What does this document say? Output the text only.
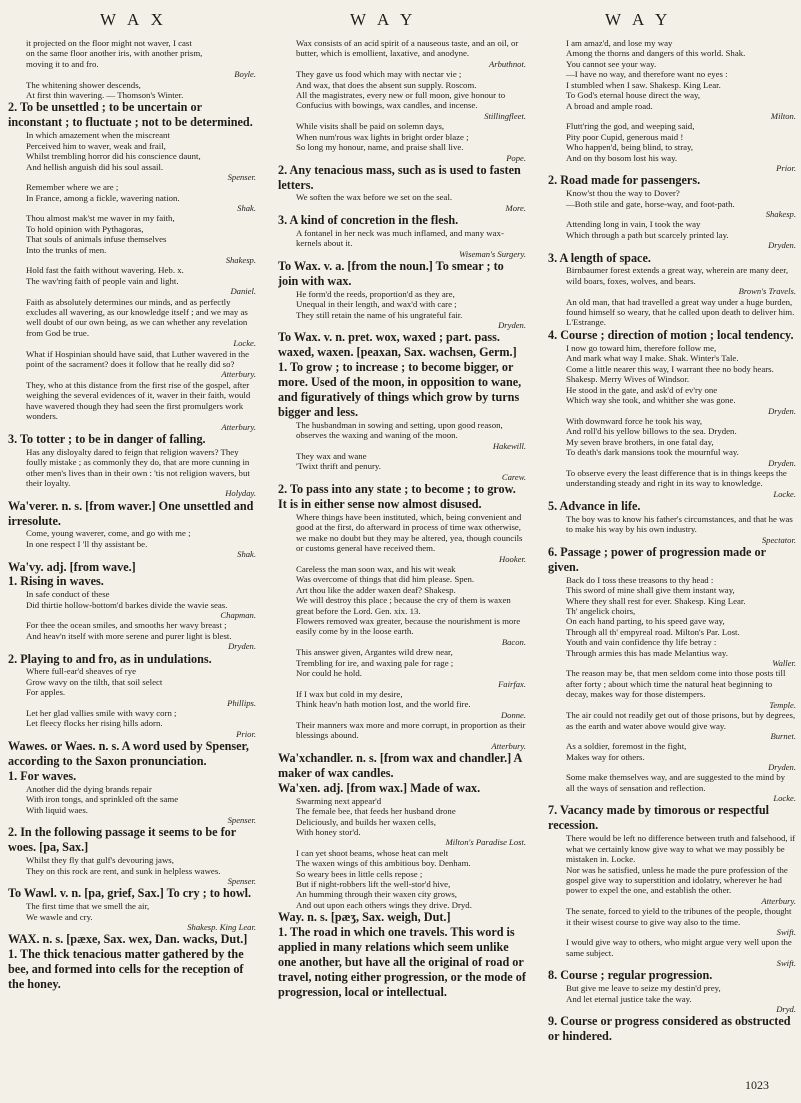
W A X	W A Y	W A Y

it projected on the floor might not waver, I cast

on the same floor another iris, with another prism,

moving it to and fro.

Boyle.

The whitening shower descends,

At first thin wavering. — Thomson's Winter.

2. To be unsettled ; to be uncertain or inconstant ; to fluctuate ; not to be determined.

In which amazement when the miscreant

Perceived him to waver, weak and frail,

Whilst trembling horror did his conscience daunt,

And hellish anguish did his soul assail.

Spenser.

Remember where we are ;

In France, among a fickle, wavering nation.

Shak.

Thou almost mak'st me waver in my faith,

To hold opinion with Pythagoras,

That souls of animals infuse themselves

Into the trunks of men.

Shakesp.

Hold fast the faith without wavering. Heb. x.

The wav'ring faith of people vain and light.

Daniel.

Faith as absolutely determines our minds, and as perfectly excludes all wavering, as our knowledge itself ; and we may as well doubt of our own being, as we can whether any revelation from God be true.

Locke.

What if Hospinian should have said, that Luther wavered in the point of the sacrament? does it follow that he really did so?

Atterbury.

They, who at this distance from the first rise of the gospel, after weighing the several evidences of it, waver in their faith, would have wavered though they had seen the first promulgers work wonders.

Atterbury.

3. To totter ; to be in danger of falling.

Has any disloyalty dared to feign that religion wavers? They foully mistake ; as commonly they do, that are more cunning in other men's lives than in their own : 'tis not religion wavers, but their loyalty.

Holyday.

Wa'verer. n. s. [from waver.] One unsettled and irresolute.

Come, young waverer, come, and go with me ;

In one respect I 'll thy assistant be.

Shak.

Wa'vy. adj. [from wave.]

1. Rising in waves.

In safe conduct of these

Did thirtie hollow-bottom'd barkes divide the wavie seas.

Chapman.

For thee the ocean smiles, and smooths her wavy breast ;

And heav'n itself with more serene and purer light is blest.

Dryden.

2. Playing to and fro, as in undulations.

Where full-ear'd sheaves of rye

Grow wavy on the tilth, that soil select

For apples.

Phillips.

Let her glad vallies smile with wavy corn ;

Let fleecy flocks her rising hills adorn.

Prior.

Wawes. or Waes. n. s. A word used by Spenser, according to the Saxon pronunciation.

1. For waves.

Another did the dying brands repair

With iron tongs, and sprinkled oft the same

With liquid waes.

Spenser.

2. In the following passage it seems to be for woes. [pa, Sax.]

Whilst they fly that gulf's devouring jaws,

They on this rock are rent, and sunk in helpless wawes.

Spenser.

To Wawl. v. n. [pa, grief, Sax.] To cry ; to howl.

The first time that we smell the air,

We wawle and cry.

Shakesp. King Lear.

WAX. n. s. [pæxe, Sax. wex, Dan. wacks, Dut.]

1. The thick tenacious matter gathered by the bee, and formed into cells for the reception of the honey.

Wax consists of an acid spirit of a nauseous taste, and an oil, or butter, which is emollient, laxative, and anodyne.

Arbuthnot.

They gave us food which may with nectar vie ;

And wax, that does the absent sun supply. Roscom.

All the magistrates, every new or full moon, give honour to Confucius with bowings, wax candles, and incense.

Stillingfleet.

While visits shall be paid on solemn days,

When num'rous wax lights in bright order blaze ;

So long my honour, name, and praise shall live.

Pope.

2. Any tenacious mass, such as is used to fasten letters.

We soften the wax before we set on the seal.

More.

3. A kind of concretion in the flesh.

A fontanel in her neck was much inflamed, and many wax-kernels about it.

Wiseman's Surgery.

To Wax. v. a. [from the noun.] To smear ; to join with wax.

He form'd the reeds, proportion'd as they are,

Unequal in their length, and wax'd with care ;

They still retain the name of his ungrateful fair.

Dryden.

To Wax. v. n. pret. wox, waxed ; part. pass. waxed, waxen. [peaxan, Sax. wachsen, Germ.]

1. To grow ; to increase ; to become bigger, or more. Used of the moon, in opposition to wane, and figuratively of things which grow by turns bigger and less.

The husbandman in sowing and setting, upon good reason, observes the waxing and waning of the moon.

Hakewill.

They wax and wane

'Twixt thrift and penury.

Carew.

2. To pass into any state ; to become ; to grow. It is in either sense now almost disused.

Where things have been instituted, which, being convenient and good at the first, do afterward in process of time wax otherwise, we make no doubt but they may be altered, yea, though councils or customs general have received them.

Hooker.

Careless the man soon wax, and his wit weak

Was overcome of things that did him please. Spen.

Art thou like the adder waxen deaf? Shakesp.

We will destroy this place ; because the cry of them is waxen great before the Lord. Gen. xix. 13.

Flowers removed wax greater, because the nourishment is more easily come by in the loose earth.

Bacon.

This answer given, Argantes wild drew near,

Trembling for ire, and waxing pale for rage ;

Nor could he hold.

Fairfax.

If I wax but cold in my desire,

Think heav'n hath motion lost, and the world fire.

Donne.

Their manners wax more and more corrupt, in proportion as their blessings abound.

Atterbury.

Wa'xchandler. n. s. [from wax and chandler.] A maker of wax candles.

Wa'xen. adj. [from wax.] Made of wax.

Swarming next appear'd

The female bee, that feeds her husband drone

Deliciously, and builds her waxen cells,

With honey stor'd.

Milton's Paradise Lost.

I can yet shoot beams, whose heat can melt

The waxen wings of this ambitious boy. Denham.

So weary bees in little cells repose ;

But if night-robbers lift the well-stor'd hive,

An humming through their waxen city grows,

And out upon each others wings they drive. Dryd.

Way. n. s. [pæʒ, Sax. weigh, Dut.]

1. The road in which one travels. This word is applied in many relations which seem unlike one another, but have all the original of road or travel, noting either progression, or the mode of progression, local or intellectual.

I am amaz'd, and lose my way

Among the thorns and dangers of this world. Shak.

You cannot see your way.

—I have no way, and therefore want no eyes :

I stumbled when I saw. Shakesp. King Lear.

To God's eternal house direct the way,

A broad and ample road.

Milton.

Flutt'ring the god, and weeping said,

Pity poor Cupid, generous maid !

Who happen'd, being blind, to stray,

And on thy bosom lost his way.

Prior.

2. Road made for passengers.

Know'st thou the way to Dover?

—Both stile and gate, horse-way, and foot-path.

Shakesp.

Attending long in vain, I took the way

Which through a path but scarcely printed lay.

Dryden.

3. A length of space.

Birnbaumer forest extends a great way, wherein are many deer, wild boars, foxes, wolves, and bears.

Brown's Travels.

An old man, that had travelled a great way under a huge burden, found himself so weary, that he called upon death to deliver him. L'Estrange.

4. Course ; direction of motion ; local tendency.

I now go toward him, therefore follow me,

And mark what way I make. Shak. Winter's Tale.

Come a little nearer this way, I warrant thee no body hears. Shakesp. Merry Wives of Windsor.

He stood in the gate, and ask'd of ev'ry one

Which way she took, and whither she was gone.

Dryden.

With downward force he took his way,

And roll'd his yellow billows to the sea. Dryden.

My seven brave brothers, in one fatal day,

To death's dark mansions took the mournful way.

Dryden.

To observe every the least difference that is in things keeps the understanding steady and right in its way to knowledge.

Locke.

5. Advance in life.

The boy was to know his father's circumstances, and that he was to make his way by his own industry.

Spectator.

6. Passage ; power of progression made or given.

Back do I toss these treasons to thy head :

This sword of mine shall give them instant way,

Where they shall rest for ever. Shakesp. King Lear.

Th' angelick choirs,

On each hand parting, to his speed gave way,

Through all th' empyreal road. Milton's Par. Lost.

Youth and vain confidence thy life betray :

Through armies this has made Melantius way.

Waller.

The reason may be, that men seldom come into those posts till after forty ; about which time the natural heat beginning to decay, makes way for those distempers.

Temple.

The air could not readily get out of those prisons, but by degrees, as the earth and water above would give way.

Burnet.

As a soldier, foremost in the fight,

Makes way for others.

Dryden.

Some make themselves way, and are suggested to the mind by all the ways of sensation and reflection.

Locke.

7. Vacancy made by timorous or respectful recession.

There would be left no difference between truth and falsehood, if what we certainly know give way to what we may possibly be mistaken in. Locke.

Nor was he satisfied, unless he made the pure profession of the gospel give way to superstition and idolatry, wherever he had power to expel the one, and establish the other.

Atterbury.

The senate, forced to yield to the tribunes of the people, thought it their wisest course to give way also to the time.

Swift.

I would give way to others, who might argue very well upon the same subject.

Swift.

8. Course ; regular progression.

But give me leave to seize my destin'd prey,

And let eternal justice take the way.

Dryd.

9. Course or progress considered as obstructed or hindered.

1023
